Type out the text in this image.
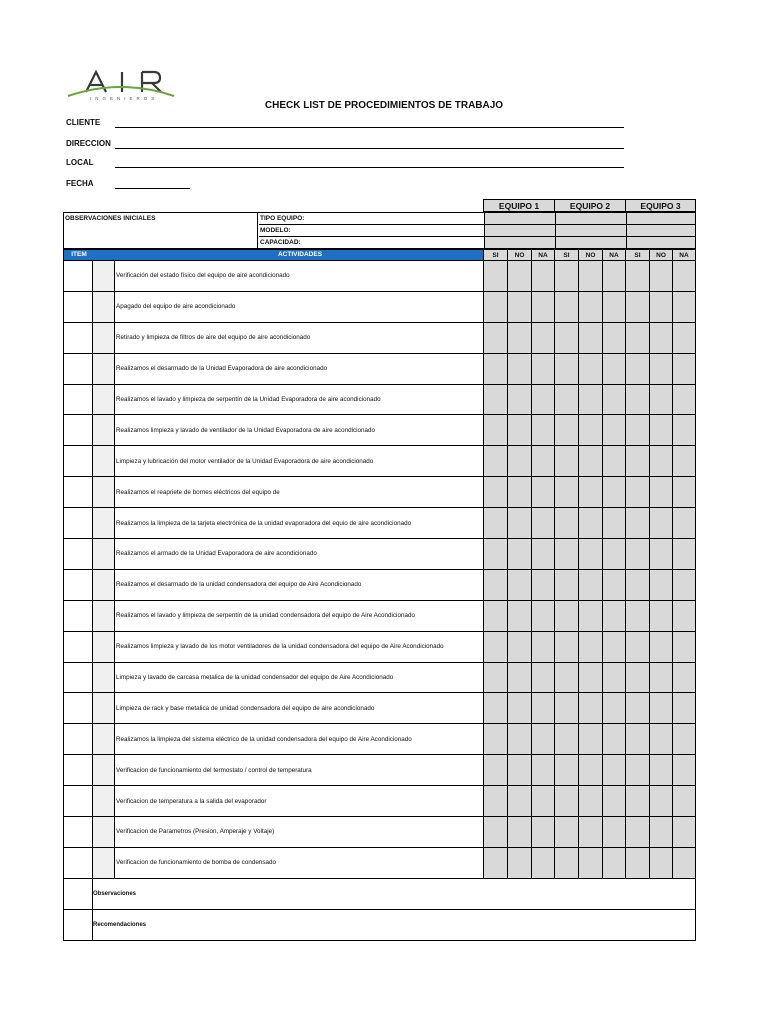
INGENIEROS
CHECK LIST DE PROCEDIMIENTOS DE TRABAJO
CLIENTE
DIRECCION
LOCAL
FECHA
EQUIPO 1	EQUIPO 2	EQUIPO 3
OBSERVACIONES INICIALES	TIPO EQUIPO:
MODELO:
CAPACIDAD:
ITEM	ACTIVIDADES	SI	NO	NA	SI	NO	NA	SI	NO	NA
Verificación del estado físico del equipo de aire acondicionado
Apagado del equipo de aire acondicionado
Retirado y limpieza de filtros de aire del equipo de aire acondicionado
Realizamos el desarmado de la Unidad Evaporadora de aire acondicionado
Realizamos el lavado y limpieza de serpentín de la Unidad Evaporadora de aire acondicionado
Realizamos limpieza y lavado de ventilador de la Unidad Evaporadora de aire acondicionado
Limpieza y lubricación del motor ventilador de la Unidad Evaporadora de aire acondicionado
Realizamos el reapriete de bornes eléctricos del equipo de
Realizamos la limpieza de la tarjeta electrónica de la unidad evaporadora del equio de aire acondicionado
Realizamos el armado de la Unidad Evaporadora de aire acondicionado
Realizamos el desarmado de la unidad condensadora del equipo de Aire Acondicionado
Realizamos el lavado y limpieza de serpentín de la unidad condensadora del equipo de Aire Acondicionado
Realizamos limpieza y lavado de los motor ventiladores de la unidad condensadora del equipo de Aire Acondicionado
Limpieza y lavado de carcasa metalica de la unidad condensador del equipo de Aire Acondicionado
Limpieza de rack y base metalica de unidad condensadora del equipo de aire acondicionado
Realizamos la limpieza del sistema eléctrico de la unidad condensadora del equipo de Aire Acondicionado
Verificacion de funcionamiento del termostato / control de temperatura
Verificacion de temperatura a la salida del evaporador
Verificacion de Parametros (Presion, Amperaje y Voltaje)
Verificacion de funcionamiento de bomba de condensado
Observaciones
Recomendaciones
